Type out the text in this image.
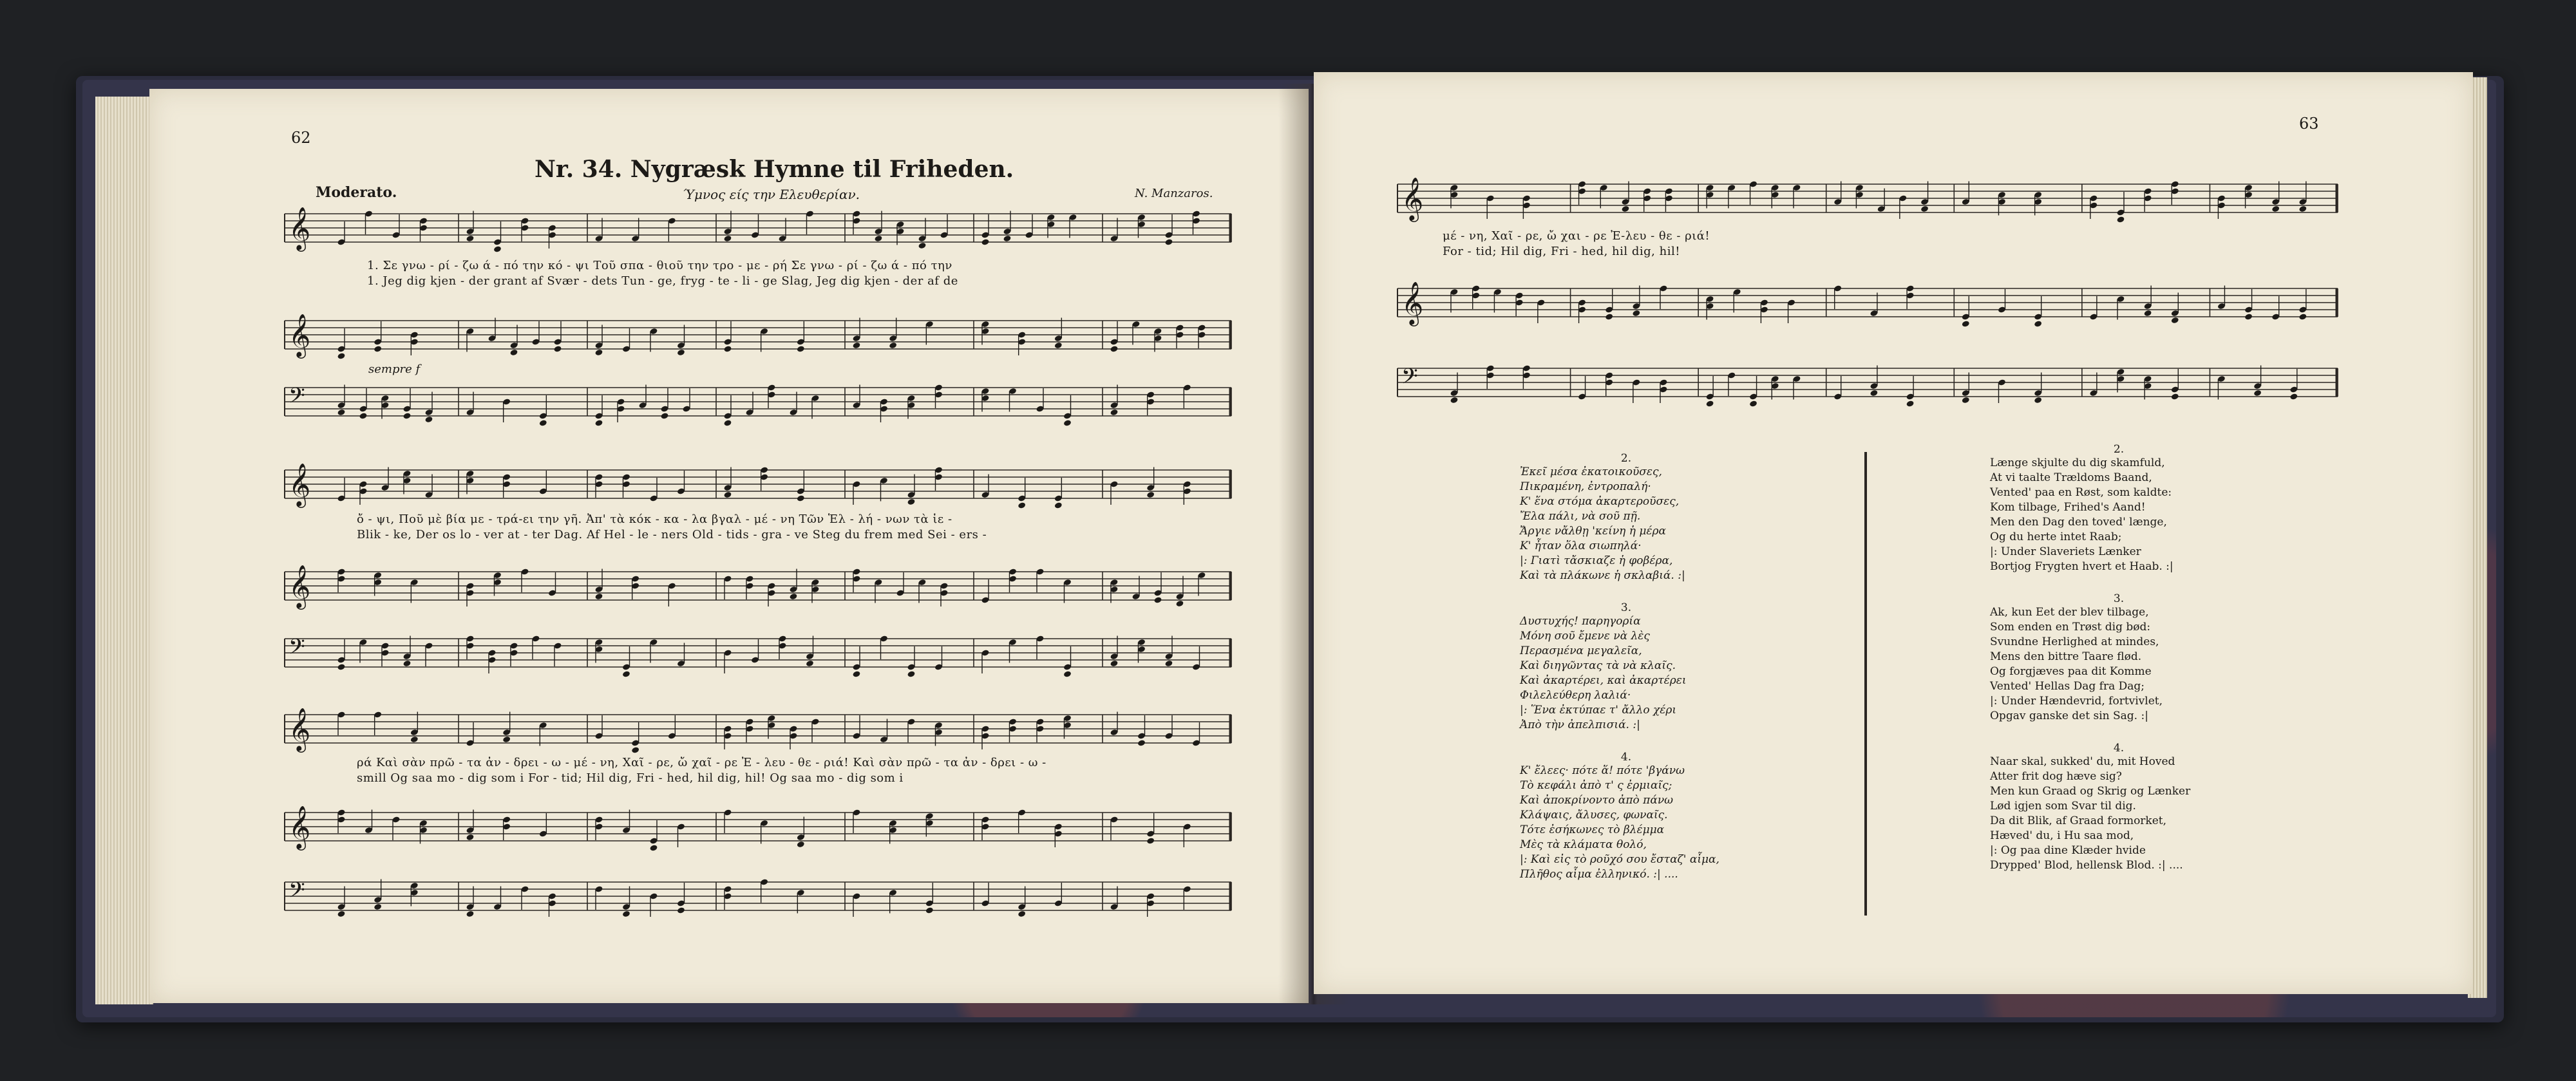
62
Nr. 34. Nygræsk Hymne til Friheden.
Ύμνος είς την Ελευθερίαν.
Moderato.	N. Manzaros.
𝄞
1. Σε γνω - ρί - ζω ά - πό την κό - ψι Τοῦ σπα - θιοῦ την τρο - με - ρή Σε γνω - ρί - ζω ά - πό την
1. Jeg dig kjen - der grant af Svær - dets Tun - ge, fryg - te - li - ge Slag, Jeg dig kjen - der af de
𝄞
sempre f
𝄢
𝄞
ὄ - ψι, Ποῦ μὲ βία με - τρά-ει την γῆ. Ἀπ' τὰ κόκ - κα - λα βγαλ - μέ - νη Τῶν Ἑλ - λή - νων τὰ ἱε -
Blik - ke, Der os lo - ver at - ter Dag. Af Hel - le - ners Old - tids - gra - ve Steg du frem med Sei - ers -
𝄞
𝄢
𝄞
ρά Καὶ σὰν πρῶ - τα ἀν - δρει - ω - μέ - νη, Χαῖ - ρε, ὤ χαῖ - ρε Ἐ - λευ - θε - ριά! Καὶ σὰν πρῶ - τα ἀν - δρει - ω -
smill Og saa mo - dig som i For - tid; Hil dig, Fri - hed, hil dig, hil! Og saa mo - dig som i
𝄞
𝄢
63
𝄞
μέ - νη, Χαῖ - ρε, ὤ χαι - ρε Ἐ-λευ - θε - ριά!
For - tid; Hil dig, Fri - hed, hil dig, hil!
𝄞
𝄢
2.
Ἐκεῖ μέσα ἐκατοικοῦσες,
Πικραμένη, ἐντροπαλή·
Κ' ἕνα στόμα ἀκαρτεροῦσες,
Ἔλα πάλι, νὰ σοῦ πῇ.
Ἄργιε νἄλθῃ 'κείνη ἡ μέρα
Κ' ἦταν ὅλα σιωπηλά·
|: Γιατὶ τἄσκιαζε ἡ φοβέρα,
Καὶ τὰ πλάκωνε ἡ σκλαβιά. :|
3.
Δυστυχής! παρηγορία
Μόνη σοῦ ἔμενε νὰ λὲς
Περασμένα μεγαλεῖα,
Καὶ διηγῶντας τὰ νὰ κλαῖς.
Καὶ ἀκαρτέρει, καὶ ἀκαρτέρει
Φιλελεύθερη λαλιά·
|: Ἕνα ἐκτύπαε τ' ἄλλο χέρι
Ἀπὸ τὴν ἀπελπισιά. :|
4.
Κ' ἔλεες· πότε ἅ! πότε 'βγάνω
Τὸ κεφάλι ἀπὸ τ' ς ἐρμιαῖς;
Καὶ ἀποκρίνοντο ἀπὸ πάνω
Κλάψαις, ἄλυσες, φωναῖς.
Τότε ἐσήκωνες τὸ βλέμμα
Μὲς τὰ κλάματα θολό,
|: Καὶ εἰς τὸ ροῦχό σου ἔσταζ' αἷμα,
Πλῆθος αἷμα ἐλληνικό. :| ....
2.
Længe skjulte du dig skamfuld,
At vi taalte Trældoms Baand,
Vented' paa en Røst, som kaldte:
Kom tilbage, Frihed's Aand!
Men den Dag den toved' længe,
Og du herte intet Raab;
|: Under Slaveriets Lænker
Bortjog Frygten hvert et Haab. :|
3.
Ak, kun Eet der blev tilbage,
Som enden en Trøst dig bød:
Svundne Herlighed at mindes,
Mens den bittre Taare flød.
Og forgjæves paa dit Komme
Vented' Hellas Dag fra Dag;
|: Under Hændevrid, fortvivlet,
Opgav ganske det sin Sag. :|
4.
Naar skal, sukked' du, mit Hoved
Atter frit dog hæve sig?
Men kun Graad og Skrig og Lænker
Lød igjen som Svar til dig.
Da dit Blik, af Graad formorket,
Hæved' du, i Hu saa mod,
|: Og paa dine Klæder hvide
Drypped' Blod, hellensk Blod. :| ....
